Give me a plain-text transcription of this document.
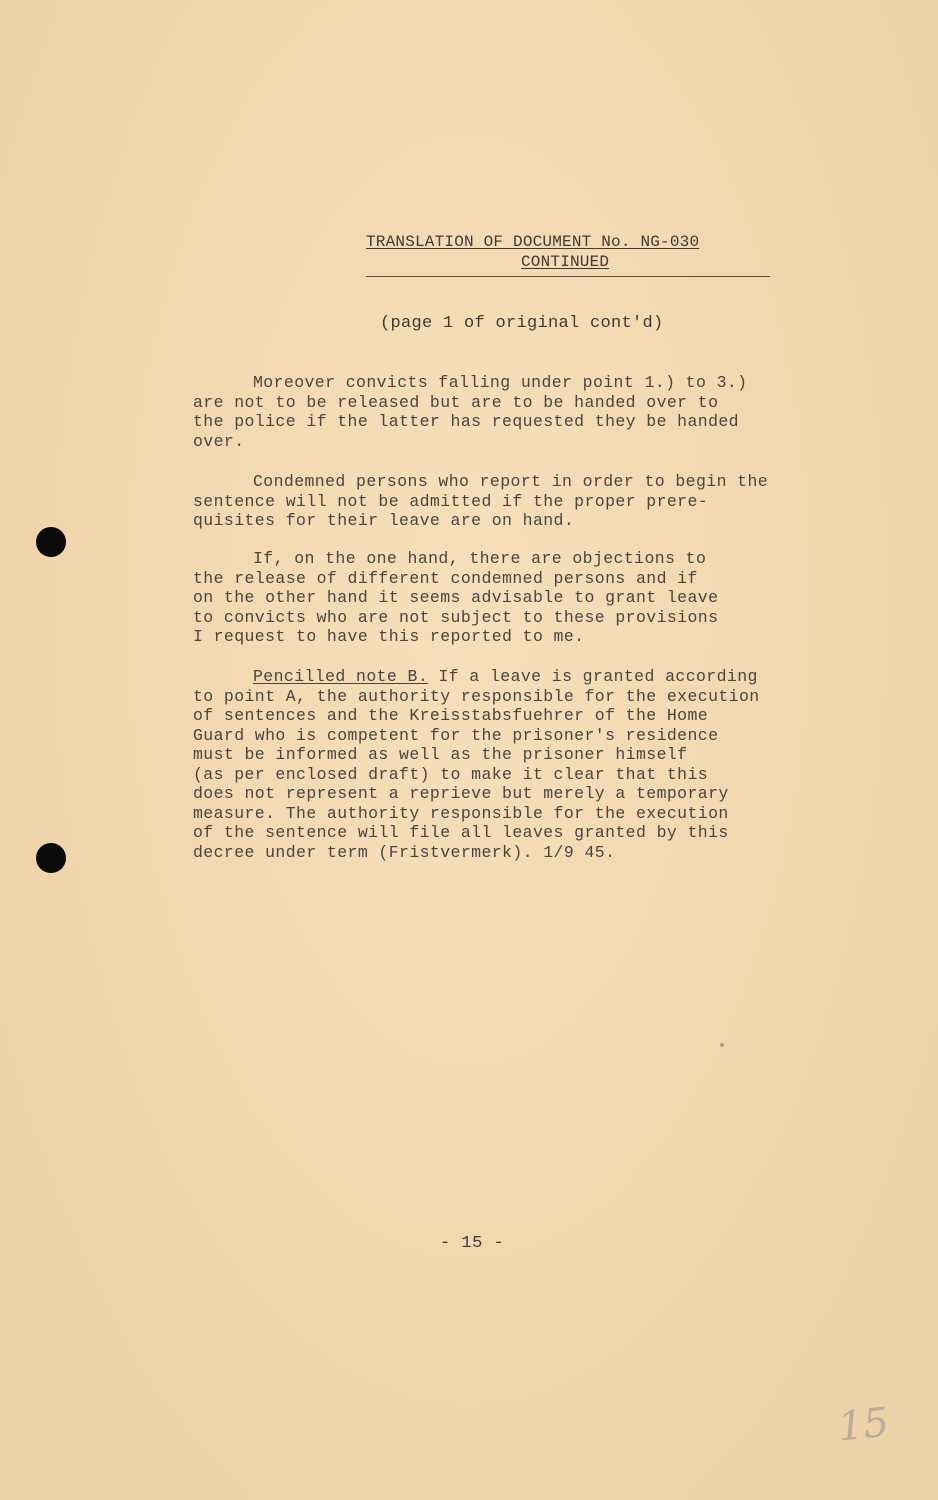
TRANSLATION OF DOCUMENT No. NG-030
CONTINUED
(page 1 of original cont'd)
Moreover convicts falling under point 1.) to 3.)
are not to be released but are to be handed over to
the police if the latter has requested they be handed
over.
Condemned persons who report in order to begin the
sentence will not be admitted if the proper prere-
quisites for their leave are on hand.
If, on the one hand, there are objections to
the release of different condemned persons and if
on the other hand it seems advisable to grant leave
to convicts who are not subject to these provisions
I request to have this reported to me.
Pencilled note B. If a leave is granted according
to point A, the authority responsible for the execution
of sentences and the Kreisstabsfuehrer of the Home
Guard who is competent for the prisoner's residence
must be informed as well as the prisoner himself
(as per enclosed draft) to make it clear that this
does not represent a reprieve but merely a temporary
measure. The authority responsible for the execution
of the sentence will file all leaves granted by this
decree under term (Fristvermerk). 1/9 45.
- 15 -
15
